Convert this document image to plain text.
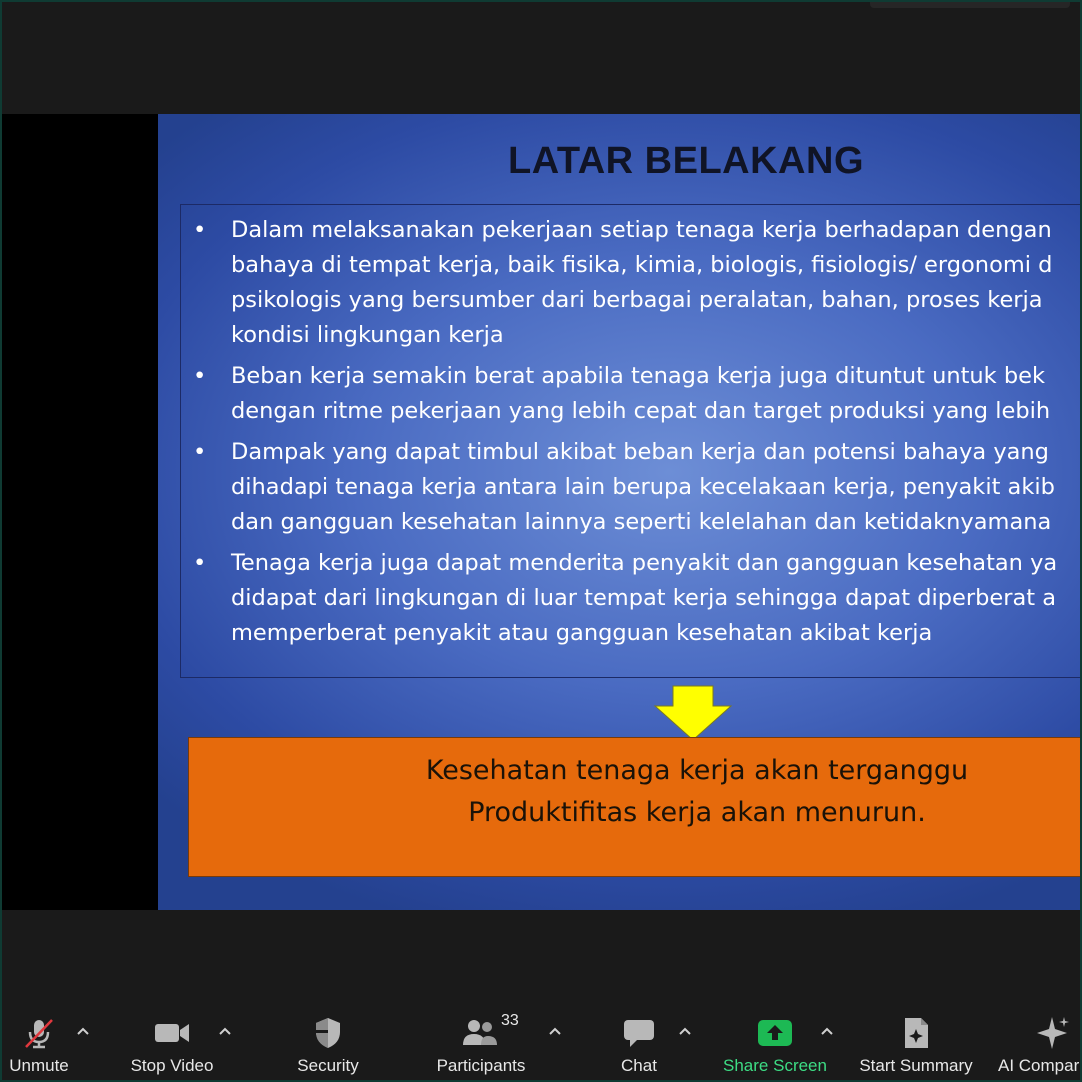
LATAR BELAKANG
• Dalam melaksanakan pekerjaan setiap tenaga kerja berhadapan dengan
bahaya di tempat kerja, baik fisika, kimia, biologis, fisiologis/ ergonomi d
psikologis yang bersumber dari berbagai peralatan, bahan, proses kerja
kondisi lingkungan kerja
• Beban kerja semakin berat apabila tenaga kerja juga dituntut untuk bek
dengan ritme pekerjaan yang lebih cepat dan target produksi yang lebih
• Dampak yang dapat timbul akibat beban kerja dan potensi bahaya yang
dihadapi tenaga kerja antara lain berupa kecelakaan kerja, penyakit akib
dan gangguan kesehatan lainnya seperti kelelahan dan ketidaknyamana
• Tenaga kerja juga dapat menderita penyakit dan gangguan kesehatan ya
didapat dari lingkungan di luar tempat kerja sehingga dapat diperberat a
memperberat penyakit atau gangguan kesehatan akibat kerja
Kesehatan tenaga kerja akan terganggu
Produktifitas kerja akan menurun.
Unmute	Stop Video	Security
33
Participants	Chat	Share Screen Start Summary AI Compar
